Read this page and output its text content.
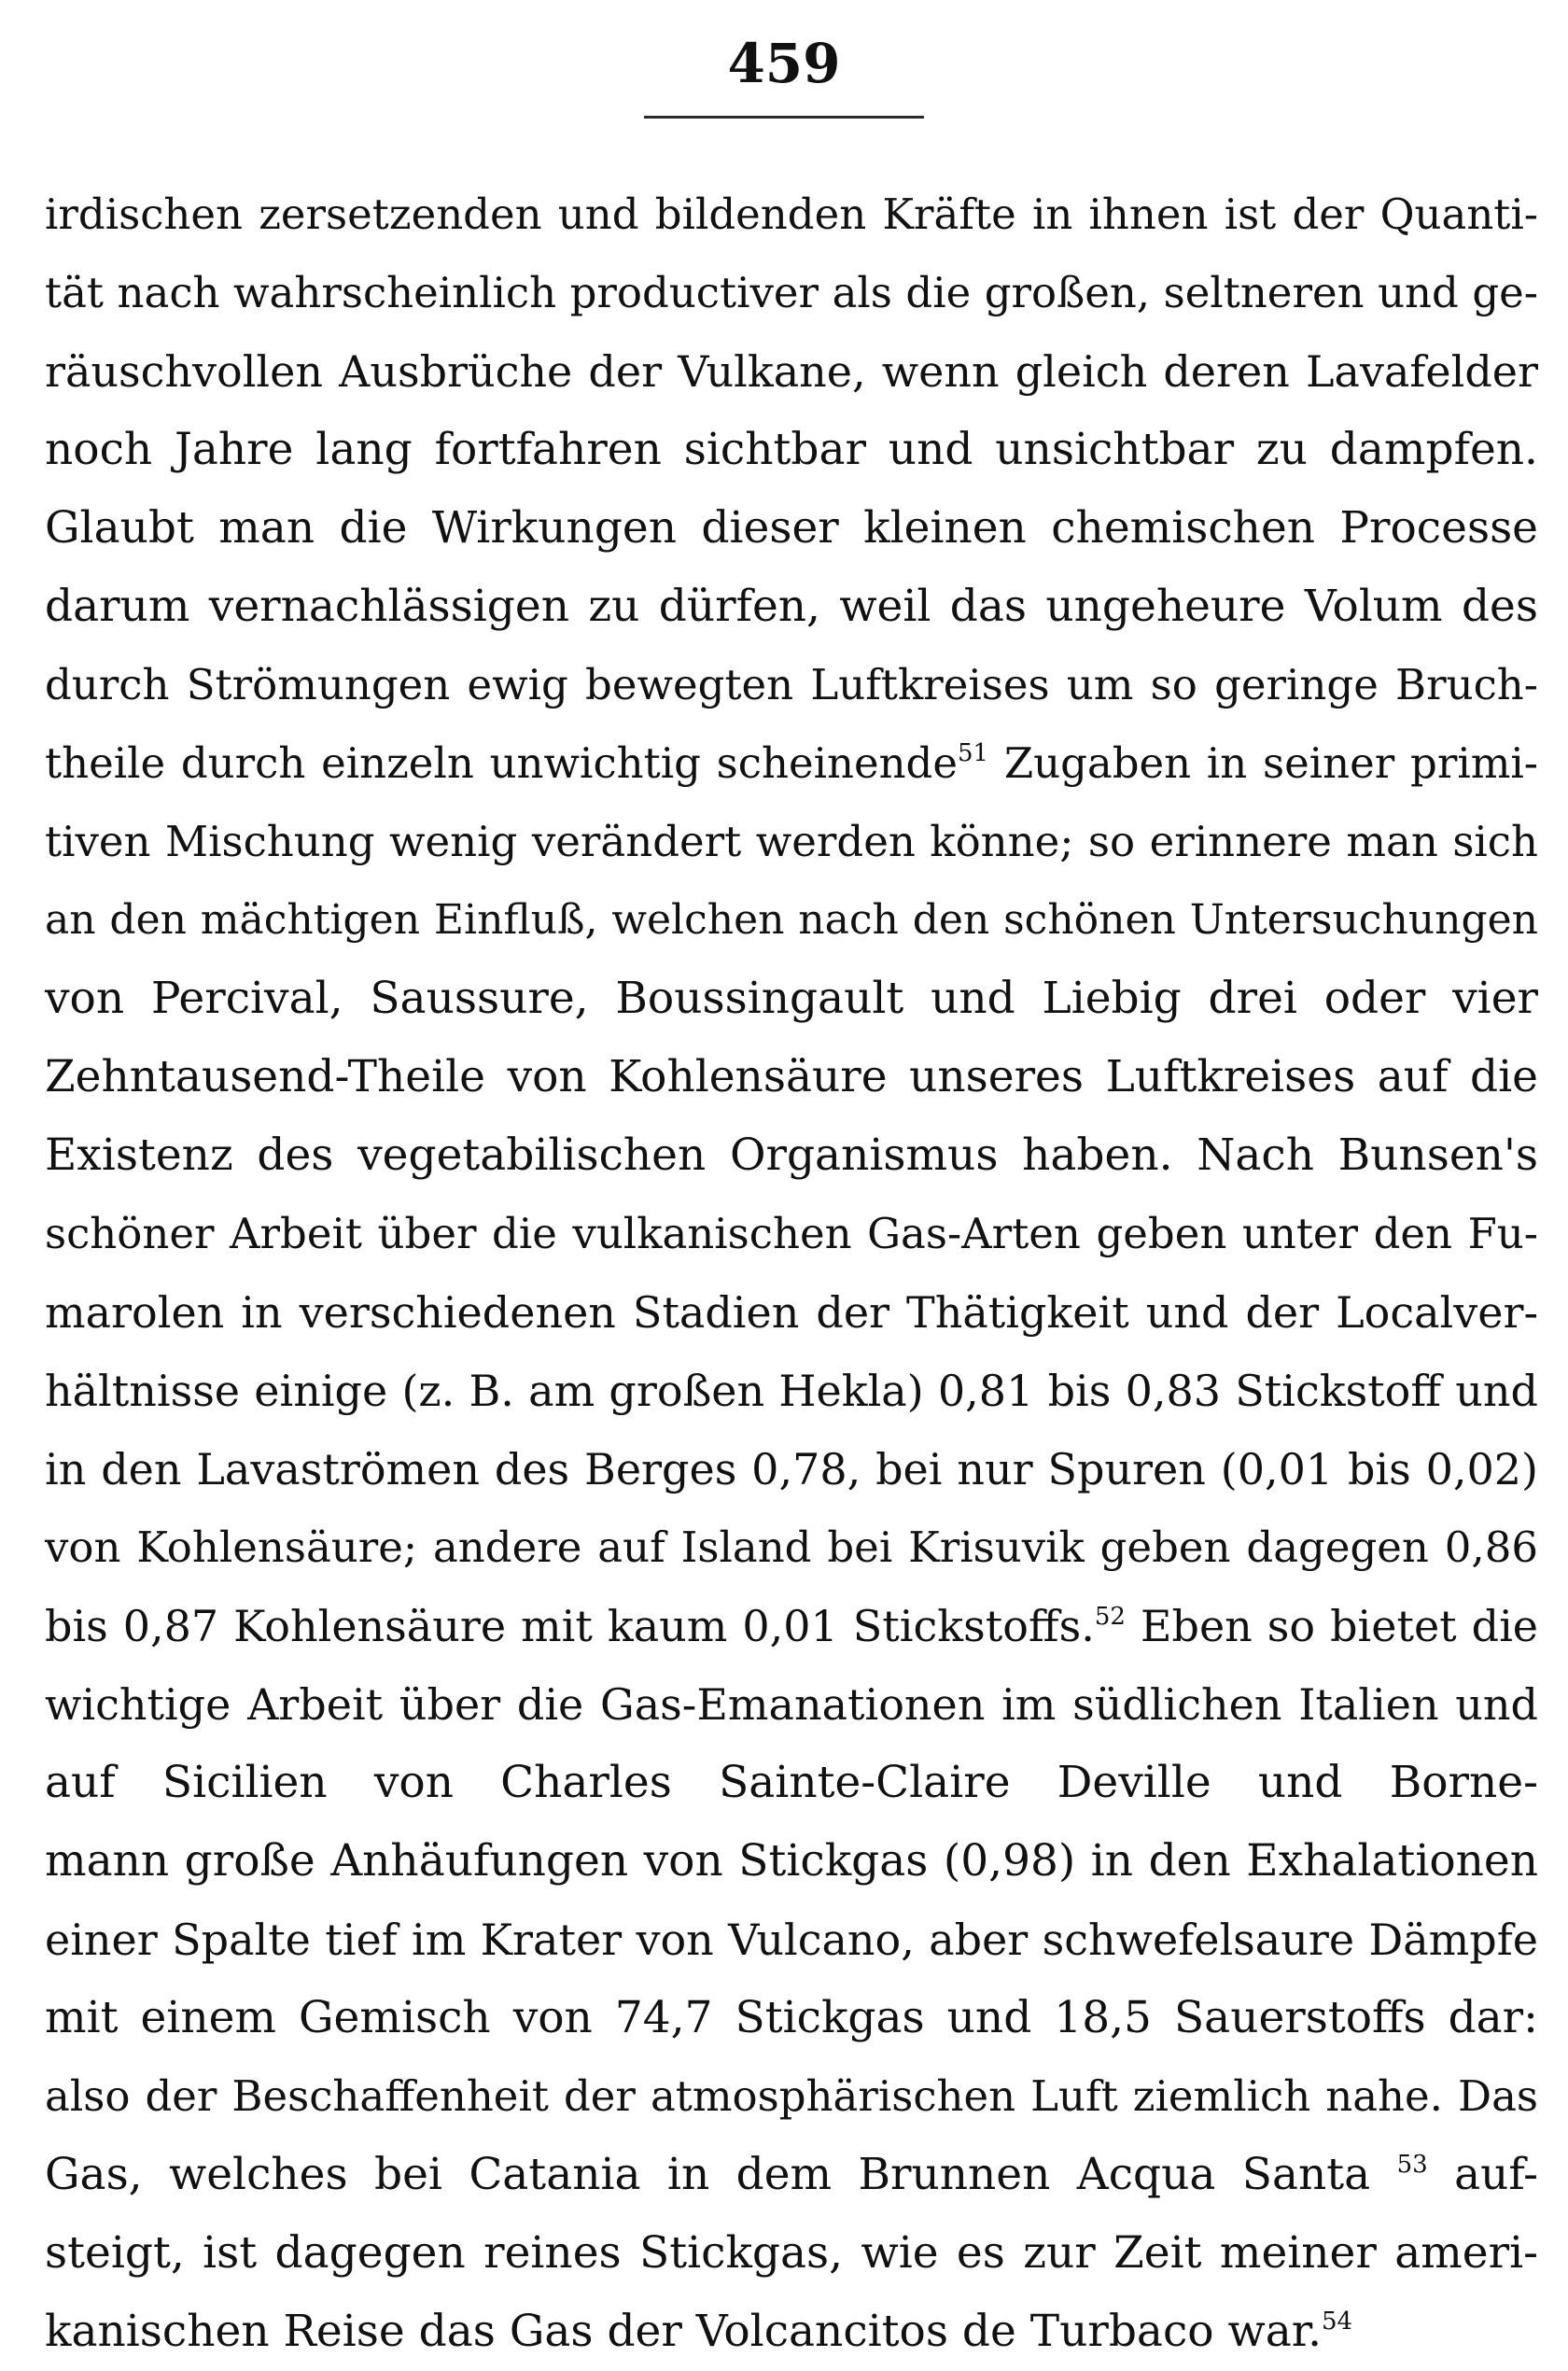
459
irdischen zersetzenden und bildenden Kräfte in ihnen ist der Quanti-
tät nach wahrscheinlich productiver als die großen, seltneren und ge-
räuschvollen Ausbrüche der Vulkane, wenn gleich deren Lavafelder
noch Jahre lang fortfahren sichtbar und unsichtbar zu dampfen.
Glaubt man die Wirkungen dieser kleinen chemischen Processe
darum vernachlässigen zu dürfen, weil das ungeheure Volum des
durch Strömungen ewig bewegten Luftkreises um so geringe Bruch-
theile durch einzeln unwichtig scheinende$^{51}$ Zugaben in seiner primi-
tiven Mischung wenig verändert werden könne; so erinnere man sich
an den mächtigen Einfluß, welchen nach den schönen Untersuchungen
von Percival, Saussure, Boussingault und Liebig drei oder vier
Zehntausend-Theile von Kohlensäure unseres Luftkreises auf die
Existenz des vegetabilischen Organismus haben. Nach Bunsen's
schöner Arbeit über die vulkanischen Gas-Arten geben unter den Fu-
marolen in verschiedenen Stadien der Thätigkeit und der Localver-
hältnisse einige (z. B. am großen Hekla) 0,81 bis 0,83 Stickstoff und
in den Lavaströmen des Berges 0,78, bei nur Spuren (0,01 bis 0,02)
von Kohlensäure; andere auf Island bei Krisuvik geben dagegen 0,86
bis 0,87 Kohlensäure mit kaum 0,01 Stickstoffs.$^{52}$ Eben so bietet die
wichtige Arbeit über die Gas-Emanationen im südlichen Italien und
auf Sicilien von Charles Sainte-Claire Deville und Borne-
mann große Anhäufungen von Stickgas (0,98) in den Exhalationen
einer Spalte tief im Krater von Vulcano, aber schwefelsaure Dämpfe
mit einem Gemisch von 74,7 Stickgas und 18,5 Sauerstoffs dar:
also der Beschaffenheit der atmosphärischen Luft ziemlich nahe. Das
Gas, welches bei Catania in dem Brunnen Acqua Santa $^{53}$ auf-
steigt, ist dagegen reines Stickgas, wie es zur Zeit meiner ameri-
kanischen Reise das Gas der Volcancitos de Turbaco war.$^{54}$
